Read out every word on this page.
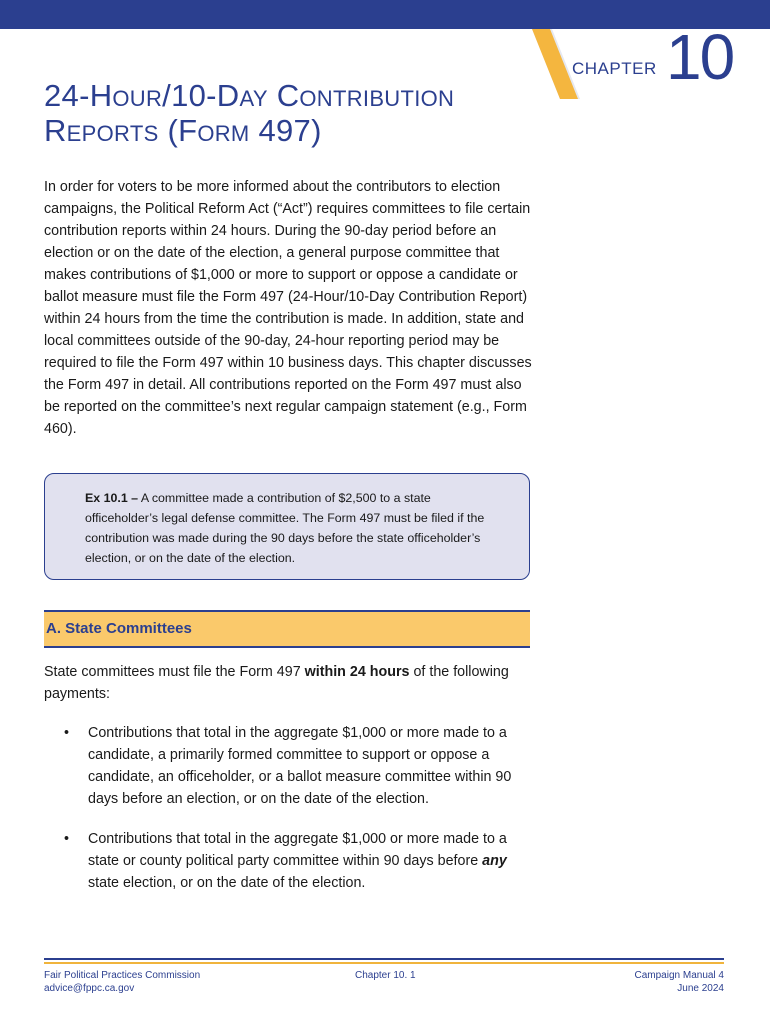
CHAPTER 10
24-Hour/10-Day Contribution
Reports (Form 497)

In order for voters to be more informed about the contributors to election campaigns, the Political Reform Act (“Act”) requires committees to file certain contribution reports within 24 hours. During the 90-day period before an election or on the date of the election, a general purpose committee that makes contributions of $1,000 or more to support or oppose a candidate or ballot measure must file the Form 497 (24-Hour/10-Day Contribution Report) within 24 hours from the time the contribution is made. In addition, state and local committees outside of the 90-day, 24-hour reporting period may be required to file the Form 497 within 10 business days. This chapter discusses the Form 497 in detail. All contributions reported on the Form 497 must also be reported on the committee’s next regular campaign statement (e.g., Form 460).

Ex 10.1 – A committee made a contribution of $2,500 to a state officeholder’s legal defense committee. The Form 497 must be filed if the contribution was made during the 90 days before the state officeholder’s election, or on the date of the election.

A. State Committees

State committees must file the Form 497 within 24 hours of the following payments:

• Contributions that total in the aggregate $1,000 or more made to a candidate, a primarily formed committee to support or oppose a candidate, an officeholder, or a ballot measure committee within 90 days before an election, or on the date of the election.
• Contributions that total in the aggregate $1,000 or more made to a state or county political party committee within 90 days before any state election, or on the date of the election.

Fair Political Practices Commission
advice@fppc.ca.gov

Chapter 10. 1	Campaign Manual 4
June 2024
